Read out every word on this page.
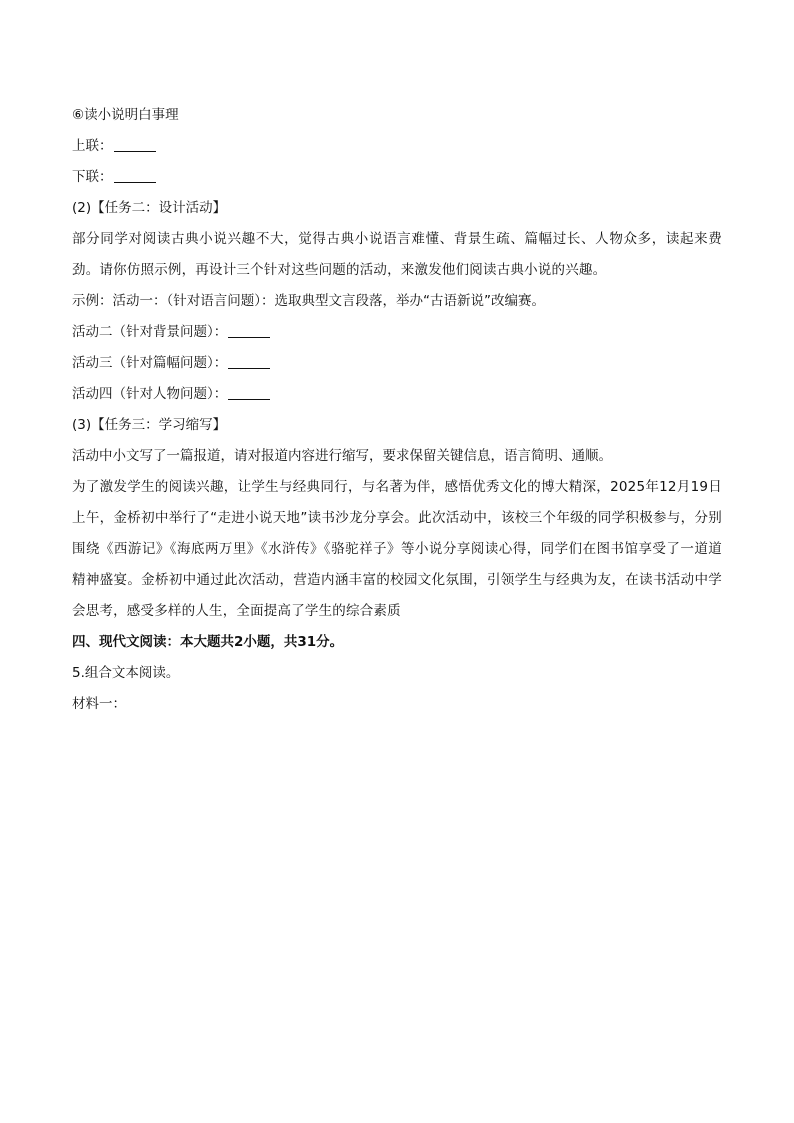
⑥读小说明白事理
上联：
下联：
(2)【任务二：设计活动】
部分同学对阅读古典小说兴趣不大，觉得古典小说语言难懂、背景生疏、篇幅过长、人物众多，读起来费劲。请你仿照示例，再设计三个针对这些问题的活动，来激发他们阅读古典小说的兴趣。
示例：活动一：（针对语言问题）：选取典型文言段落，举办“古语新说”改编赛。
活动二（针对背景问题）：
活动三（针对篇幅问题）：
活动四（针对人物问题）：
(3)【任务三：学习缩写】
活动中小文写了一篇报道，请对报道内容进行缩写，要求保留关键信息，语言简明、通顺。
为了激发学生的阅读兴趣，让学生与经典同行，与名著为伴，感悟优秀文化的博大精深，2025年12月19日上午，金桥初中举行了“走进小说天地”读书沙龙分享会。此次活动中，该校三个年级的同学积极参与，分别围绕《西游记》《海底两万里》《水浒传》《骆驼祥子》等小说分享阅读心得，同学们在图书馆享受了一道道精神盛宴。金桥初中通过此次活动，营造内涵丰富的校园文化氛围，引领学生与经典为友，在读书活动中学会思考，感受多样的人生，全面提高了学生的综合素质
四、现代文阅读：本大题共2小题，共31分。
5.组合文本阅读。
材料一：
